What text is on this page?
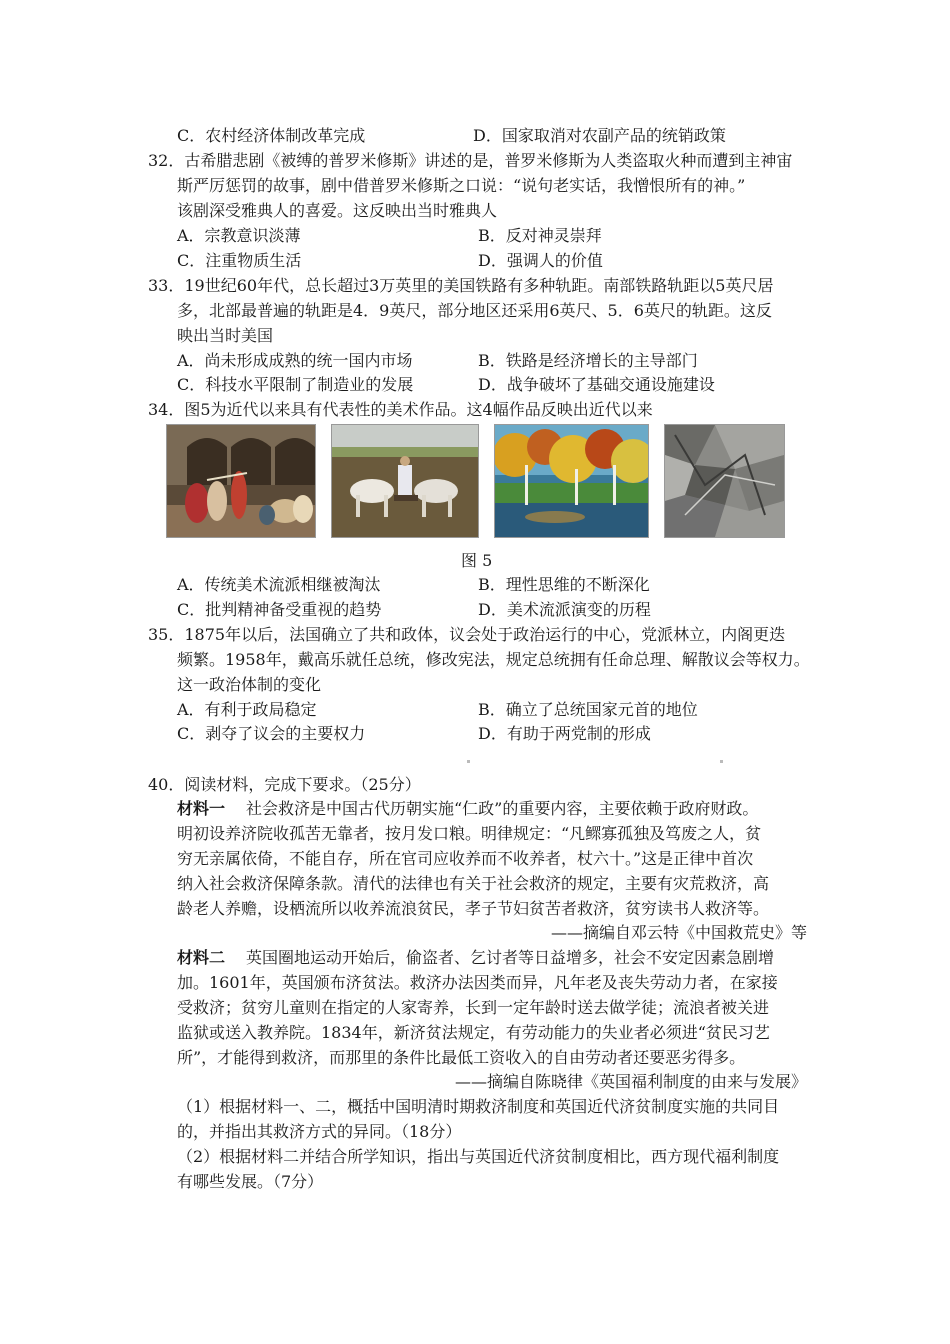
C．农村经济体制改革完成	D．国家取消对农副产品的统销政策
32．古希腊悲剧《被缚的普罗米修斯》讲述的是，普罗米修斯为人类盗取火种而遭到主神宙
斯严厉惩罚的故事，剧中借普罗米修斯之口说：“说句老实话，我憎恨所有的神。”
该剧深受雅典人的喜爱。这反映出当时雅典人
A．宗教意识淡薄	B．反对神灵崇拜
C．注重物质生活	D．强调人的价值
33．19世纪60年代，总长超过3万英里的美国铁路有多种轨距。南部铁路轨距以5英尺居
多，北部最普遍的轨距是4．9英尺，部分地区还采用6英尺、5．6英尺的轨距。这反
映出当时美国
A．尚未形成成熟的统一国内市场	B．铁路是经济增长的主导部门
C．科技水平限制了制造业的发展	D．战争破坏了基础交通设施建设
34．图5为近代以来具有代表性的美术作品。这4幅作品反映出近代以来
图 5
A．传统美术流派相继被淘汰	B．理性思维的不断深化
C．批判精神备受重视的趋势	D．美术流派演变的历程
35．1875年以后，法国确立了共和政体，议会处于政治运行的中心，党派林立，内阁更迭
频繁。1958年，戴高乐就任总统，修改宪法，规定总统拥有任命总理、解散议会等权力。
这一政治体制的变化
A．有利于政局稳定	B．确立了总统国家元首的地位
C．剥夺了议会的主要权力	D．有助于两党制的形成
40．阅读材料，完成下要求。（25分）
材料一 社会救济是中国古代历朝实施“仁政”的重要内容，主要依赖于政府财政。
明初设养济院收孤苦无靠者，按月发口粮。明律规定：“凡鳏寡孤独及笃废之人，贫
穷无亲属依倚，不能自存，所在官司应收养而不收养者，杖六十。”这是正律中首次
纳入社会救济保障条款。清代的法律也有关于社会救济的规定，主要有灾荒救济，高
龄老人养赡，设栖流所以收养流浪贫民，孝子节妇贫苦者救济，贫穷读书人救济等。
——摘编自邓云特《中国救荒史》等
材料二 英国圈地运动开始后，偷盗者、乞讨者等日益增多，社会不安定因素急剧增
加。1601年，英国颁布济贫法。救济办法因类而异，凡年老及丧失劳动力者，在家接
受救济；贫穷儿童则在指定的人家寄养，长到一定年龄时送去做学徒；流浪者被关进
监狱或送入教养院。1834年，新济贫法规定，有劳动能力的失业者必须进“贫民习艺
所”，才能得到救济，而那里的条件比最低工资收入的自由劳动者还要恶劣得多。
——摘编自陈晓律《英国福利制度的由来与发展》
（1）根据材料一、二，概括中国明清时期救济制度和英国近代济贫制度实施的共同目
的，并指出其救济方式的异同。（18分）
（2）根据材料二并结合所学知识，指出与英国近代济贫制度相比，西方现代福利制度
有哪些发展。（7分）
